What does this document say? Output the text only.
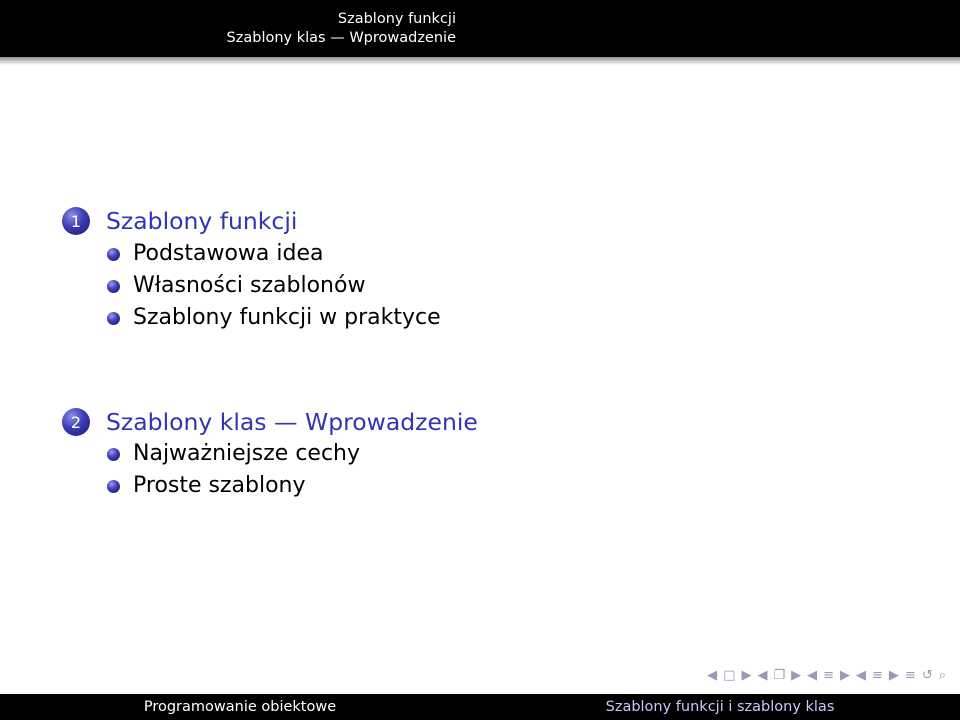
Szablony funkcji
Szablony klas — Wprowadzenie
1 Szablony funkcji
Podstawowa idea
Własności szablonów
Szablony funkcji w praktyce
2 Szablony klas — Wprowadzenie
Najważniejsze cechy
Proste szablony
◀ □ ▶ ◀ ❐ ▶ ◀ ≡ ▶ ◀ ≡ ▶ ≡ ↺ ⌕
Programowanie obiektowe	Szablony funkcji i szablony klas
